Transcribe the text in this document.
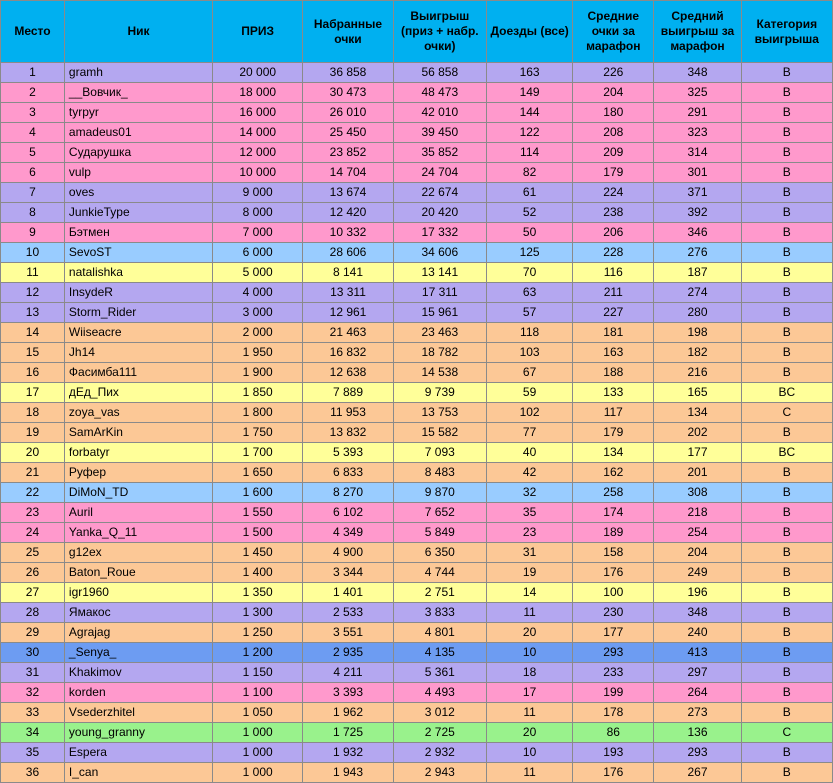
Место	Ник	ПРИЗ	Набранные очки	Выигрыш (приз + набр. очки)	Доезды (все)	Средние очки за марафон	Средний выигрыш за марафон	Категория выигрыша
1	gramh	20 000	36 858	56 858	163	226	348	B
2	__Вовчик_	18 000	30 473	48 473	149	204	325	B
3	tyrpyr	16 000	26 010	42 010	144	180	291	B
4	amadeus01	14 000	25 450	39 450	122	208	323	B
5	Сударушка	12 000	23 852	35 852	114	209	314	B
6	vulp	10 000	14 704	24 704	82	179	301	B
7	oves	9 000	13 674	22 674	61	224	371	B
8	JunkieType	8 000	12 420	20 420	52	238	392	B
9	Бэтмен	7 000	10 332	17 332	50	206	346	B
10	SevoST	6 000	28 606	34 606	125	228	276	B
11	natalishka	5 000	8 141	13 141	70	116	187	B
12	InsydeR	4 000	13 311	17 311	63	211	274	B
13	Storm_Rider	3 000	12 961	15 961	57	227	280	B
14	Wiiseacre	2 000	21 463	23 463	118	181	198	B
15	Jh14	1 950	16 832	18 782	103	163	182	B
16	Фасимба111	1 900	12 638	14 538	67	188	216	B
17	дЕд_Пих	1 850	7 889	9 739	59	133	165	BC
18	zoya_vas	1 800	11 953	13 753	102	117	134	C
19	SamArKin	1 750	13 832	15 582	77	179	202	B
20	forbatyr	1 700	5 393	7 093	40	134	177	BC
21	Руфер	1 650	6 833	8 483	42	162	201	B
22	DiMoN_TD	1 600	8 270	9 870	32	258	308	B
23	Auril	1 550	6 102	7 652	35	174	218	B
24	Yanka_Q_11	1 500	4 349	5 849	23	189	254	B
25	g12ex	1 450	4 900	6 350	31	158	204	B
26	Baton_Roue	1 400	3 344	4 744	19	176	249	B
27	igr1960	1 350	1 401	2 751	14	100	196	B
28	Ямакос	1 300	2 533	3 833	11	230	348	B
29	Agrajag	1 250	3 551	4 801	20	177	240	B
30	_Senya_	1 200	2 935	4 135	10	293	413	B
31	Khakimov	1 150	4 211	5 361	18	233	297	B
32	korden	1 100	3 393	4 493	17	199	264	B
33	Vsederzhitel	1 050	1 962	3 012	11	178	273	B
34	young_granny	1 000	1 725	2 725	20	86	136	C
35	Espera	1 000	1 932	2 932	10	193	293	B
36	I_can	1 000	1 943	2 943	11	176	267	B
